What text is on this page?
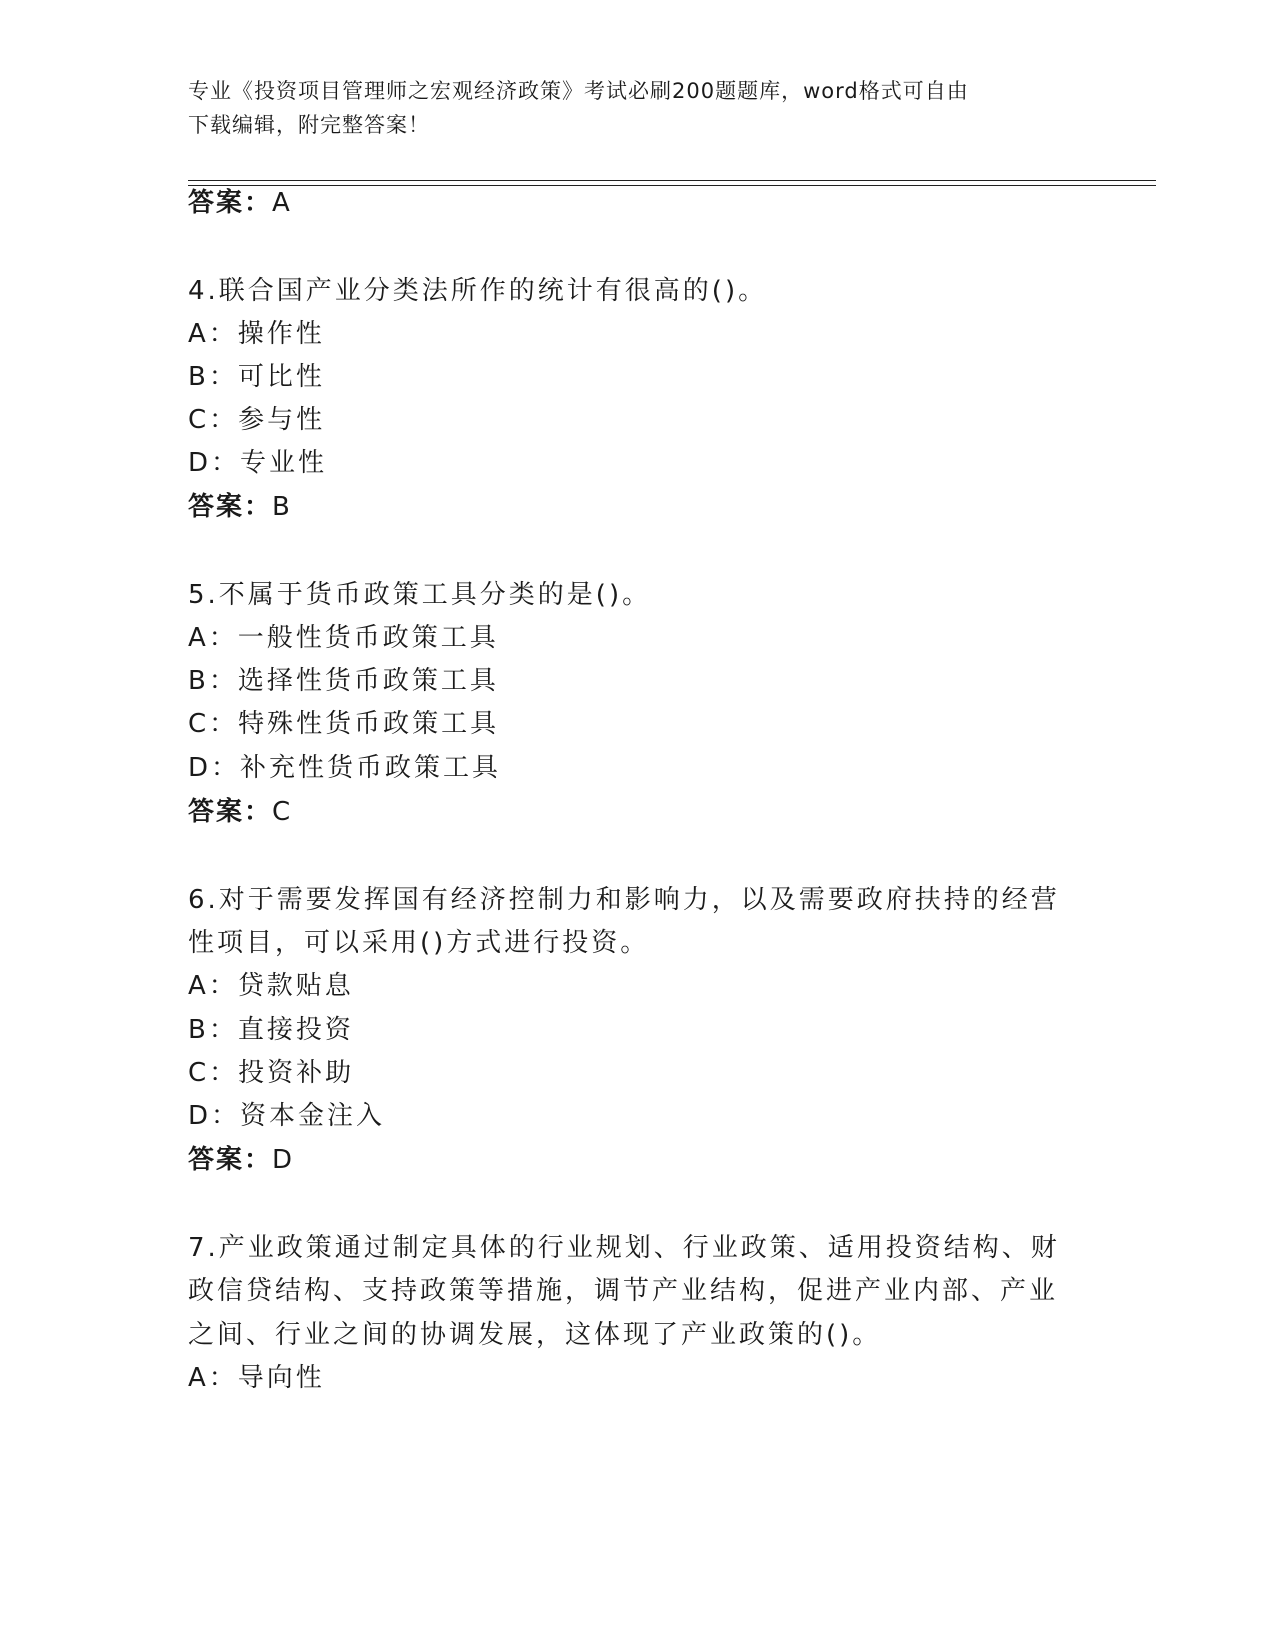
专业《投资项目管理师之宏观经济政策》考试必刷200题题库，word格式可自由
下载编辑，附完整答案！
答案：A
4.联合国产业分类法所作的统计有很高的()。
A：操作性
B：可比性
C：参与性
D：专业性
答案：B
5.不属于货币政策工具分类的是()。
A：一般性货币政策工具
B：选择性货币政策工具
C：特殊性货币政策工具
D：补充性货币政策工具
答案：C
6.对于需要发挥国有经济控制力和影响力，以及需要政府扶持的经营
性项目，可以采用()方式进行投资。
A：贷款贴息
B：直接投资
C：投资补助
D：资本金注入
答案：D
7.产业政策通过制定具体的行业规划、行业政策、适用投资结构、财
政信贷结构、支持政策等措施，调节产业结构，促进产业内部、产业
之间、行业之间的协调发展，这体现了产业政策的()。
A：导向性
